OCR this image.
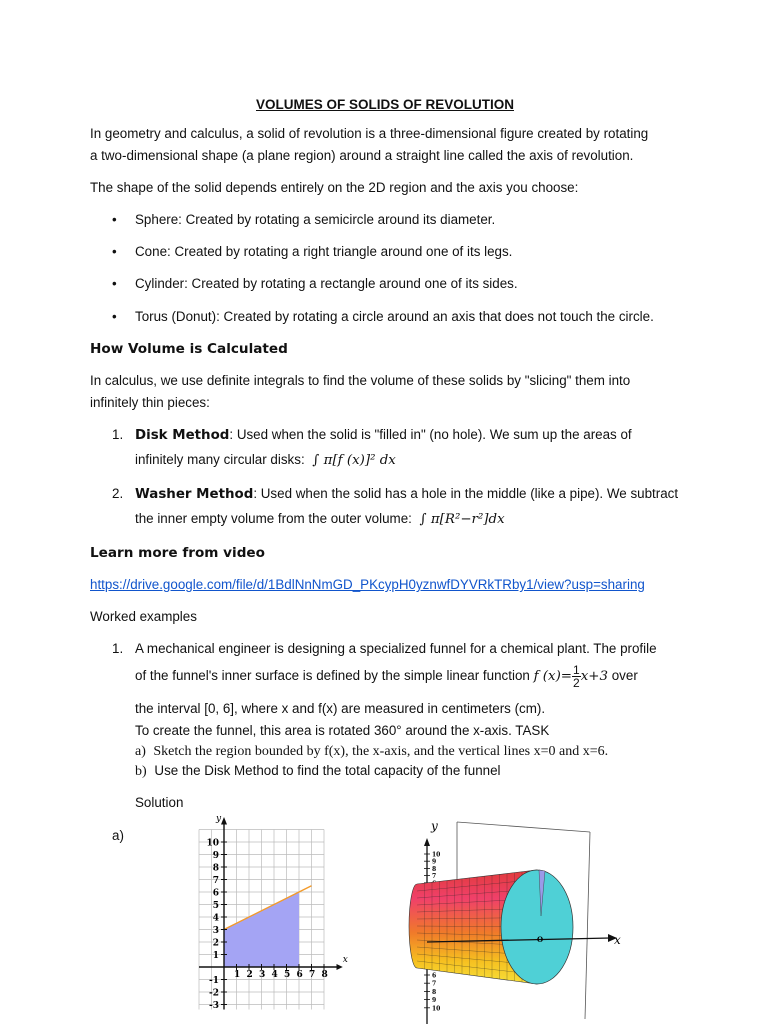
VOLUMES OF SOLIDS OF REVOLUTION
In geometry and calculus, a solid of revolution is a three-dimensional figure created by rotating
a two-dimensional shape (a plane region) around a straight line called the axis of revolution.
The shape of the solid depends entirely on the 2D region and the axis you choose:
• Sphere: Created by rotating a semicircle around its diameter.
• Cone: Created by rotating a right triangle around one of its legs.
• Cylinder: Created by rotating a rectangle around one of its sides.
• Torus (Donut): Created by rotating a circle around an axis that does not touch the circle.
How Volume is Calculated
In calculus, we use definite integrals to find the volume of these solids by "slicing" them into
infinitely thin pieces:
1. Disk Method: Used when the solid is "filled in" (no hole). We sum up the areas of
infinitely many circular disks: ∫ π[f (x)]² dx
2. Washer Method: Used when the solid has a hole in the middle (like a pipe). We subtract
the inner empty volume from the outer volume: ∫ π[R²−r²]dx
Learn more from video
https://drive.google.com/file/d/1BdlNnNmGD_PKcypH0yznwfDYVRkTRby1/view?usp=sharing
Worked examples
1. A mechanical engineer is designing a specialized funnel for a chemical plant. The profile
of the funnel's inner surface is defined by the simple linear function f $(x)= \frac{1}{2} x+3$ over
the interval [0, 6], where x and f(x) are measured in centimeters (cm).
To create the funnel, this area is rotated 360° around the x-axis. TASK
a) Sketch the region bounded by f(x), the x-axis, and the vertical lines x=0 and x=6.
b) Use the Disk Method to find the total capacity of the funnel
Solution
a)
x
y
1 2 3 4 5 6 7 8
10
9
8
7
6
5
4
3
2
1
-1
-2
-3
y
10
9
8
7
6
7
8
9
10
x
O
